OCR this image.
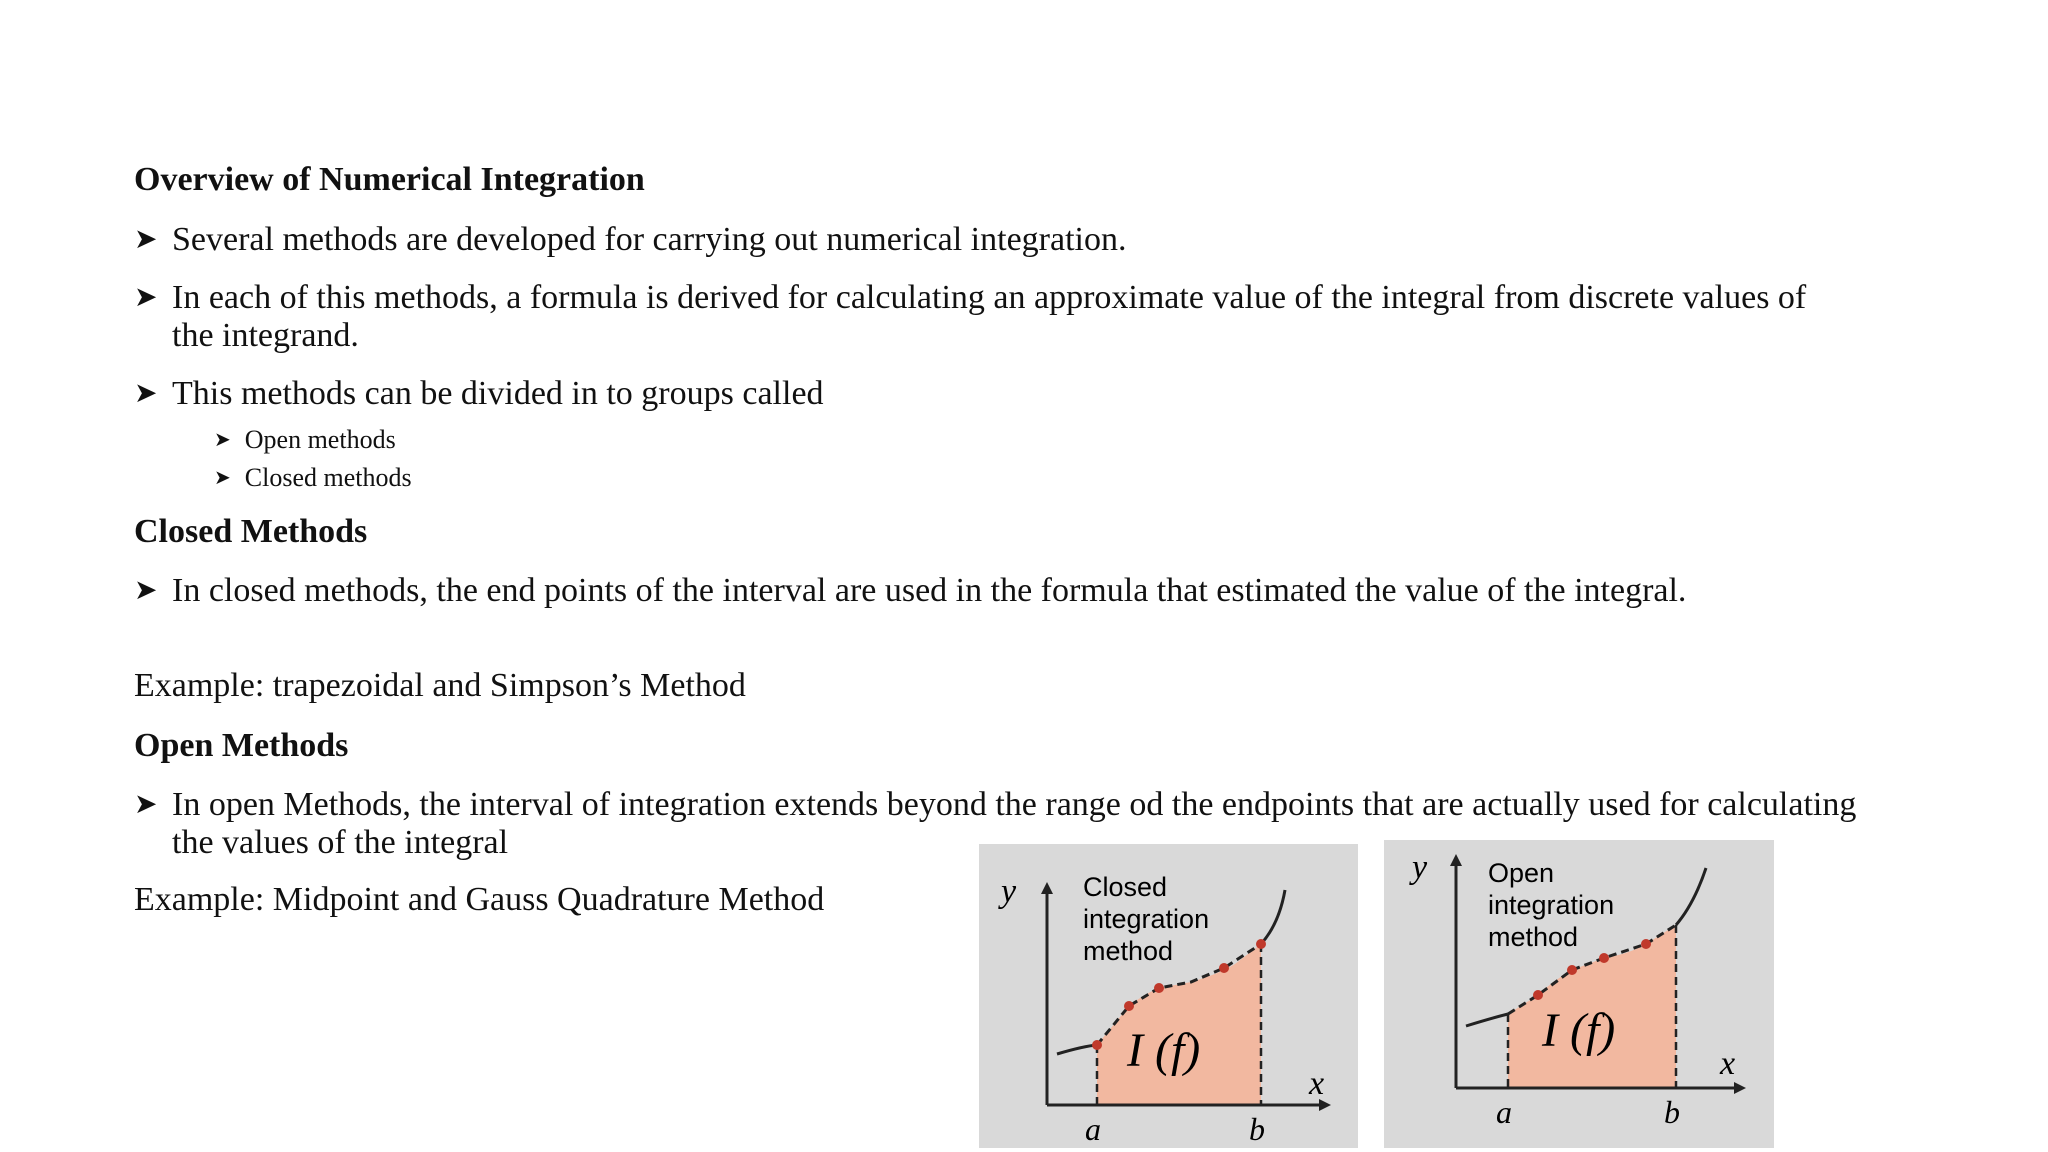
Overview of Numerical Integration
➤ Several methods are developed for carrying out numerical integration.
➤ In each of this methods, a formula is derived for calculating an approximate value of the integral from discrete values of the integrand.
➤ This methods can be divided in to groups called
➤ Open methods
➤ Closed methods
Closed Methods
➤ In closed methods, the end points of the interval are used in the formula that estimated the value of the integral.
Example: trapezoidal and Simpson’s Method
Open Methods
➤ In open Methods, the interval of integration extends beyond the range od the endpoints that are actually used for calculating the values of the integral
Example: Midpoint and Gauss Quadrature Method	y
x
a	b
I (f)
Closed
integration
method
y
x
a	b
I (f)
Open
integration
method
